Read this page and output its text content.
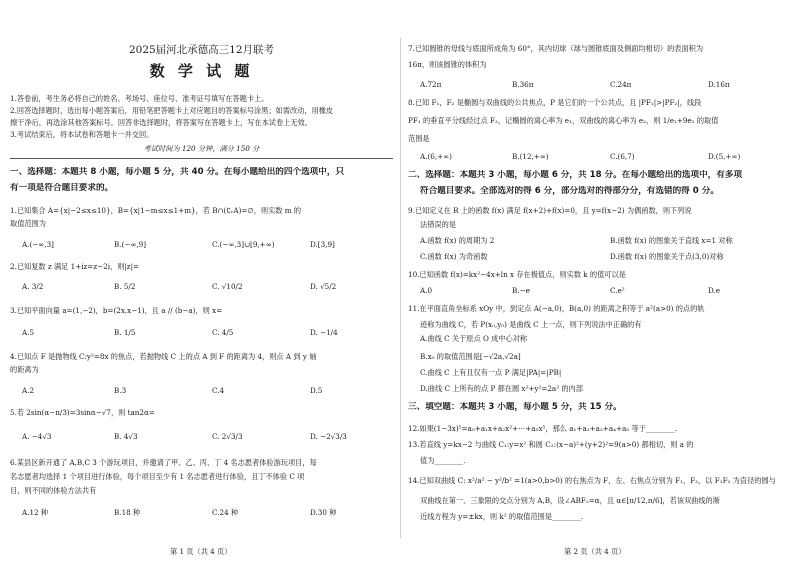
2025届河北承德高三12月联考
数 学 试 题
1.答卷前，考生务必将自己的姓名、考场号、座位号、准考证号填写在答题卡上。
2.回答选择题时，选出每小题答案后，用铅笔把答题卡上对应题目的答案标号涂黑；如需改动，用橡皮
擦干净后，再选涂其他答案标号。回答非选择题时，将答案写在答题卡上，写在本试卷上无效。
3.考试结束后，将本试卷和答题卡一并交回。
考试时间为 120 分钟，满分 150 分
一、选择题：本题共 8 小题，每小题 5 分，共 40 分。在每小题给出的四个选项中，只
有一项是符合题目要求的。
1.已知集合 A={x|−2≤x≤10}，B={x|1−m≤x≤1+m}，若 B∩(∁ᵣA)=∅，则实数 m 的
取值范围为
A.(−∞,3]	B.(−∞,9]	C.(−∞,3]∪[9,+∞)	D.[3,9]
2.已知复数 z 满足 1+iz=z−2i，则|z|=
A. 3/2	B. 5/2	C. √10/2	D. √5/2
3.已知平面向量 a=(1,−2)，b=(2x,x−1)，且 a // (b−a)，则 x=
A.5	B. 1/5	C. 4/5	D. −1/4
4.已知点 F 是抛物线 C:y²=8x 的焦点，若抛物线 C 上的点 A 到 F 的距离为 4，则点 A 到 y 轴
的距离为
A.2	B.3	C.4	D.5
5.若 2sin(α−π/3)=3sinα−√7，则 tan2α=
A. −4√3	B. 4√3	C. 2√3/3	D. −2√3/3
6.某县区新开通了 A,B,C 3 个游玩项目，并邀请了甲、乙、丙、丁 4 名志愿者体验游玩项目，每
名志愿者均选择 1 个项目进行体验，每个项目至少有 1 名志愿者进行体验，且丁不体验 C 项
目，则不同的体验方法共有
A.12 种	B.18 种	C.24 种	D.30 种
第 1 页（共 4 页）
7.已知圆锥的母线与底面所成角为 60°，其内切球（球与圆锥底面及侧面均相切）的表面积为
16π，则该圆锥的体积为
A.72π	B.36π	C.24π	D.16π
8.已知 F₁，F₂ 是椭圆与双曲线的公共焦点，P 是它们的一个公共点，且 |PF₁|>|PF₂|，线段
PF₁ 的垂直平分线经过点 F₂，记椭圆的离心率为 e₁，双曲线的离心率为 e₂，则 1/e₁+9e₂ 的取值
范围是
A.(6,+∞)	B.(12,+∞)	C.(6,7)	D.(5,+∞)
二、选择题：本题共 3 小题，每小题 6 分，共 18 分。在每小题给出的选项中，有多项
符合题目要求。全部选对的得 6 分，部分选对的得部分分，有选错的得 0 分。
9.已知定义在 R 上的函数 f(x) 满足 f(x+2)+f(x)=0，且 y=f(x−2) 为偶函数，则下列说
法错误的是
A.函数 f(x) 的周期为 2	B.函数 f(x) 的图象关于直线 x=1 对称
C.函数 f(x) 为奇函数	D.函数 f(x) 的图象关于点(3,0)对称
10.已知函数 f(x)=kx²−4x+ln x 存在极值点，则实数 k 的值可以是
A.0	B.−e	C.e²	D.e
11.在平面直角坐标系 xOy 中，到定点 A(−a,0)，B(a,0) 的距离之积等于 a²(a>0) 的点的轨
迹称为曲线 C，若 P(x₀,y₀) 是曲线 C 上一点，则下列说法中正确的有
A.曲线 C 关于原点 O 成中心对称
B.x₀ 的取值范围是[−√2a,√2a]
C.曲线 C 上有且仅有一点 P 满足|PA|=|PB|
D.曲线 C 上所有的点 P 都在圆 x²+y²=2a² 的内部
三、填空题：本题共 3 小题，每小题 5 分，共 15 分。
12.如果(1−3x)⁵=a₀+a₁x+a₂x²+⋯+a₅x⁵，那么 a₁+a₂+a₃+a₄+a₅ 等于________.
13.若直线 y=kx−2 与曲线 C₁:y=x² 和圆 C₂:(x−a)²+(y+2)²=9(a>0) 都相切，则 a 的
值为________.
14.已知双曲线 C: x²/a² − y²/b² =1(a>0,b>0) 的右焦点为 F，左、右焦点分别为 F₁，F₂，以 F₁F₂ 为直径的圆与
双曲线在第一、三象限的交点分别为 A,B，设∠ABF₂=α，且 α∈[π/12,π/6]，若该双曲线的渐
近线方程为 y=±kx，则 k² 的取值范围是________.
第 2 页（共 4 页）
